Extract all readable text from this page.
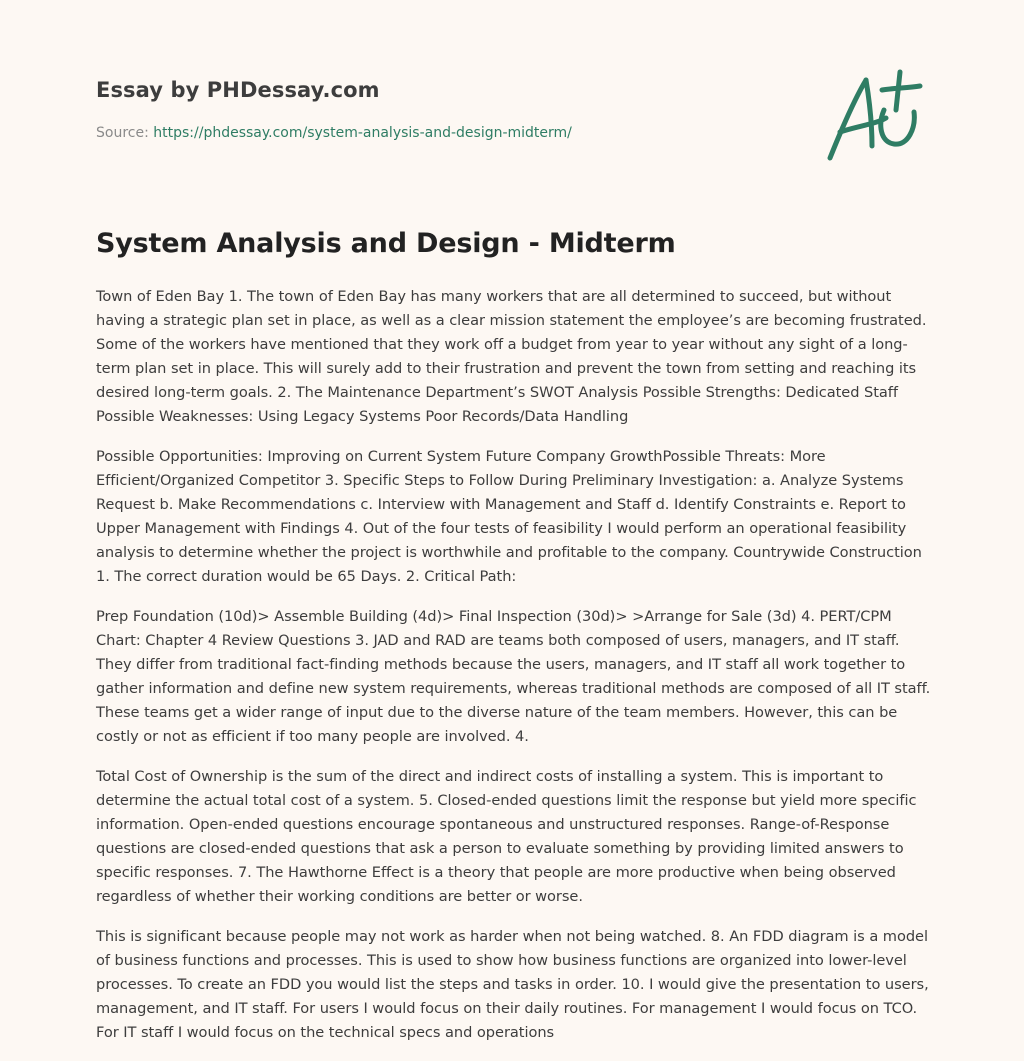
Essay by PHDessay.com
Source: https://phdessay.com/system-analysis-and-design-midterm/
System Analysis and Design - Midterm

Town of Eden Bay 1. The town of Eden Bay has many workers that are all determined to succeed, but without having a strategic plan set in place, as well as a clear mission statement the employee’s are becoming frustrated. Some of the workers have mentioned that they work off a budget from year to year without any sight of a long-term plan set in place. This will surely add to their frustration and prevent the town from setting and reaching its desired long-term goals. 2. The Maintenance Department’s SWOT Analysis Possible Strengths: Dedicated Staff Possible Weaknesses: Using Legacy Systems Poor Records/Data Handling

Possible Opportunities: Improving on Current System Future Company GrowthPossible Threats: More Efficient/Organized Competitor 3. Specific Steps to Follow During Preliminary Investigation: a. Analyze Systems Request b. Make Recommendations c. Interview with Management and Staff d. Identify Constraints e. Report to Upper Management with Findings 4. Out of the four tests of feasibility I would perform an operational feasibility analysis to determine whether the project is worthwhile and profitable to the company. Countrywide Construction 1. The correct duration would be 65 Days. 2. Critical Path:

Prep Foundation (10d)> Assemble Building (4d)> Final Inspection (30d)> >Arrange for Sale (3d) 4. PERT/CPM Chart: Chapter 4 Review Questions 3. JAD and RAD are teams both composed of users, managers, and IT staff. They differ from traditional fact-finding methods because the users, managers, and IT staff all work together to gather information and define new system requirements, whereas traditional methods are composed of all IT staff. These teams get a wider range of input due to the diverse nature of the team members. However, this can be costly or not as efficient if too many people are involved. 4.

Total Cost of Ownership is the sum of the direct and indirect costs of installing a system. This is important to determine the actual total cost of a system. 5. Closed-ended questions limit the response but yield more specific information. Open-ended questions encourage spontaneous and unstructured responses. Range-of-Response questions are closed-ended questions that ask a person to evaluate something by providing limited answers to specific responses. 7. The Hawthorne Effect is a theory that people are more productive when being observed regardless of whether their working conditions are better or worse.

This is significant because people may not work as harder when not being watched. 8. An FDD diagram is a model of business functions and processes. This is used to show how business functions are organized into lower-level processes. To create an FDD you would list the steps and tasks in order. 10. I would give the presentation to users, management, and IT staff. For users I would focus on their daily routines. For management I would focus on TCO. For IT staff I would focus on the technical specs and operations
